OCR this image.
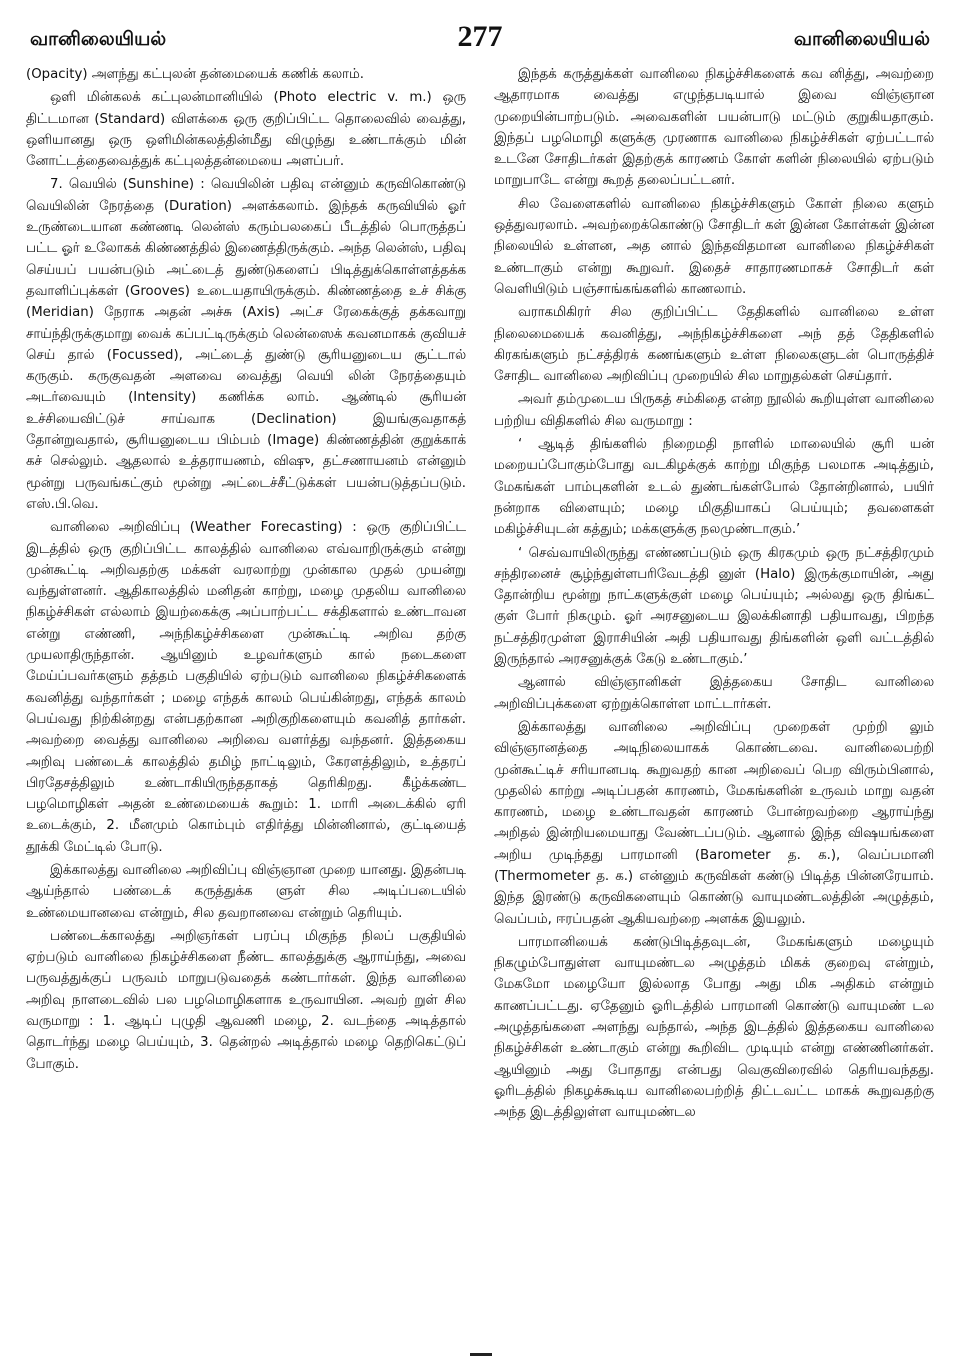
வானிலையியல்	277	வானிலையியல்

(Opacity) அளந்து கட்புலன் தன்மையைக் கணிக் கலாம்.

ஒளி மின்கலக் கட்புலன்மானியில் (Photo electric v. m.) ஒரு திட்டமான (Standard) விளக்கை ஒரு குறிப்பிட்ட தொலைவில் வைத்து, ஒளியானது ஒரு ஒளிமின்கலத்தின்மீது விழுந்து உண்டாக்கும் மின் னோட்டத்தைவைத்துக் கட்புலத்தன்மையை அளப்பர்.

7. வெயில் (Sunshine) : வெயிலின் பதிவு என்னும் கருவிகொண்டு வெயிலின் நேரத்தை (Duration) அளக்கலாம். இந்தக் கருவியில் ஓர் உருண்டையான கண்ணடி லென்ஸ் கரும்பலகைப் பீடத்தில் பொருத்தப் பட்ட ஓர் உலோகக் கிண்ணத்தில் இணைத்திருக்கும். அந்த லென்ஸ், பதிவு செய்யப் பயன்படும் அட்டைத் துண்டுகளைப் பிடித்துக்கொள்ளத்தக்க தவாளிப்புக்கள் (Grooves) உடையதாயிருக்கும். கிண்ணத்தை உச் சிக்கு (Meridian) நேராக அதன் அச்சு (Axis) அட்ச ரேகைக்குத் தக்கவாறு சாய்ந்திருக்குமாறு வைக் கப்பட்டிருக்கும் லென்ஸைக் கவனமாகக் குவியச் செய் தால் (Focussed), அட்டைத் துண்டு சூரியனுடைய சூட்டால் கருகும். கருகுவதன் அளவை வைத்து வெயி லின் நேரத்தையும் அடர்வையும் (Intensity) கணிக்க லாம். ஆண்டில் சூரியன் உச்சியைவிட்டுச் சாய்வாக (Declination) இயங்குவதாகத் தோன்றுவதால், சூரியனுடைய பிம்பம் (Image) கிண்ணத்தின் குறுக்காக் கச் செல்லும். ஆதலால் உத்தராயணம், விஷு, தட்சணாயனம் என்னும் மூன்று பருவங்கட்கும் மூன்று அட்டைச்சீட்டுக்கள் பயன்படுத்தப்படும். எஸ்.பி.வெ.

வானிலை அறிவிப்பு (Weather Forecasting) : ஒரு குறிப்பிட்ட இடத்தில் ஒரு குறிப்பிட்ட காலத்தில் வானிலை எவ்வாறிருக்கும் என்று முன்கூட்டி அறிவதற்கு மக்கள் வரலாற்று முன்கால முதல் முயன்று வந்துள்ளனர். ஆதிகாலத்தில் மனிதன் காற்று, மழை முதலிய வானிலை நிகழ்ச்சிகள் எல்லாம் இயற்கைக்கு அப்பாற்பட்ட சக்திகளால் உண்டாவன என்று எண்ணி, அந்நிகழ்ச்சிகளை முன்கூட்டி அறிவ தற்கு முயலாதிருந்தான். ஆயினும் உழவர்களும் கால் நடைகளை மேய்ப்பவர்களும் தத்தம் பகுதியில் ஏற்படும் வானிலை நிகழ்ச்சிகளைக் கவனித்து வந்தார்கள் ; மழை எந்தக் காலம் பெய்கின்றது, எந்தக் காலம் பெய்வது நிற்கின்றது என்பதற்கான அறிகுறிகளையும் கவனித் தார்கள். அவற்றை வைத்து வானிலை அறிவை வளர்த்து வந்தனர். இத்தகைய அறிவு பண்டைக் காலத்தில் தமிழ் நாட்டிலும், கேரளத்திலும், உத்தரப் பிரதேசத்திலும் உண்டாகியிருந்ததாகத் தெரிகிறது. கீழ்க்கண்ட பழமொழிகள் அதன் உண்மையைக் கூறும்: 1. மாரி அடைக்கில் ஏரி உடைக்கும், 2. மீனமும் கொம்பும் எதிர்த்து மின்னினால், குட்டியைத் தூக்கி மேட்டில் போடு.

இக்காலத்து வானிலை அறிவிப்பு விஞ்ஞான முறை யானது. இதன்படி ஆய்ந்தால் பண்டைக் கருத்துக்க ளுள் சில அடிப்படையில் உண்மையானவை என்றும், சில தவறானவை என்றும் தெரியும்.

பண்டைக்காலத்து அறிஞர்கள் பரப்பு மிகுந்த நிலப் பகுதியில் ஏற்படும் வானிலை நிகழ்ச்சிகளை நீண்ட காலத்துக்கு ஆராய்ந்து, அவை பருவத்துக்குப் பருவம் மாறுபடுவதைக் கண்டார்கள். இந்த வானிலை அறிவு நாளடைவில் பல பழமொழிகளாக உருவாயின. அவற் றுள் சில வருமாறு : 1. ஆடிப் புழுதி ஆவணி மழை, 2. வடந்தை அடித்தால் தொடர்ந்து மழை பெய்யும், 3. தென்றல் அடித்தால் மழை தெறிகெட்டுப் போகும்.

இந்தக் கருத்துக்கள் வானிலை நிகழ்ச்சிகளைக் கவ னித்து, அவற்றை ஆதாரமாக வைத்து எழுந்தபடியால் இவை விஞ்ஞான முறையின்பாற்படும். அவைகளின் பயன்பாடு மட்டும் குறுகியதாகும். இந்தப் பழமொழி களுக்கு முரணாக வானிலை நிகழ்ச்சிகள் ஏற்பட்டால் உடனே சோதிடர்கள் இதற்குக் காரணம் கோள் களின் நிலையில் ஏற்படும் மாறுபாடே என்று கூறத் தலைப்பட்டனர்.

சில வேளைகளில் வானிலை நிகழ்ச்சிகளும் கோள் நிலை களும் ஒத்துவரலாம். அவற்றைக்கொண்டு சோதிடர் கள் இன்ன கோள்கள் இன்ன நிலையில் உள்ளன, அத னால் இந்தவிதமான வானிலை நிகழ்ச்சிகள் உண்டாகும் என்று கூறுவர். இதைச் சாதாரணமாகச் சோதிடர் கள் வெளியிடும் பஞ்சாங்கங்களில் காணலாம்.

வராகமிகிரர் சில குறிப்பிட்ட தேதிகளில் வானிலை உள்ள நிலைமையைக் கவனித்து, அந்நிகழ்ச்சிகளை அந் தத் தேதிகளில் கிரகங்களும் நட்சத்திரக் கணங்களும் உள்ள நிலைகளுடன் பொருத்திச் சோதிட வானிலை அறிவிப்பு முறையில் சில மாறுதல்கள் செய்தார்.

அவர் தம்முடைய பிருகத் சம்கிதை என்ற நூலில் கூறியுள்ள வானிலை பற்றிய விதிகளில் சில வருமாறு :

‘ ஆடித் திங்களில் நிறைமதி நாளில் மாலையில் சூரி யன் மறையப்போகும்போது வடகிழக்குக் காற்று மிகுந்த பலமாக அடித்தும், மேகங்கள் பாம்புகளின் உடல் துண்டங்கள்போல் தோன்றினால், பயிர் நன்றாக விளையும்; மழை மிகுதியாகப் பெய்யும்; தவளைகள் மகிழ்ச்சியுடன் கத்தும்; மக்களுக்கு நலமுண்டாகும்.’

‘ செவ்வாயிலிருந்து எண்ணப்படும் ஒரு கிரகமும் ஒரு நட்சத்திரமும் சந்திரனைச் சூழ்ந்துள்ளபரிவேடத்தி னுள் (Halo) இருக்குமாயின், அது தோன்றிய மூன்று நாட்களுக்குள் மழை பெய்யும்; அல்லது ஒரு திங்கட் குள் போர் நிகழும். ஓர் அரசனுடைய இலக்கினாதி பதியாவது, பிறந்த நட்சத்திரமுள்ள இராசியின் அதி பதியாவது திங்களின் ஒளி வட்டத்தில் இருந்தால் அரசனுக்குக் கேடு உண்டாகும்.’

ஆனால் விஞ்ஞானிகள் இத்தகைய சோதிட வானிலை அறிவிப்புக்களை ஏற்றுக்கொள்ள மாட்டார்கள்.

இக்காலத்து வானிலை அறிவிப்பு முறைகள் முற்றி லும் விஞ்ஞானத்தை அடிநிலையாகக் கொண்டவை. வானிலைபற்றி முன்கூட்டிச் சரியானபடி கூறுவதற் கான அறிவைப் பெற விரும்பினால், முதலில் காற்று அடிப்பதன் காரணம், மேகங்களின் உருவம் மாறு வதன் காரணம், மழை உண்டாவதன் காரணம் போன்றவற்றை ஆராய்ந்து அறிதல் இன்றியமையாது வேண்டப்படும். ஆனால் இந்த விஷயங்களை அறிய முடிந்தது பாரமானி (Barometer த. க.), வெப்பமானி (Thermometer த. க.) என்னும் கருவிகள் கண்டு பிடித்த பின்னரேயாம். இந்த இரண்டு கருவிகளையும் கொண்டு வாயுமண்டலத்தின் அழுத்தம், வெப்பம், ஈரப்பதன் ஆகியவற்றை அளக்க இயலும்.

பாரமானியைக் கண்டுபிடித்தவுடன், மேகங்களும் மழையும் நிகழும்போதுள்ள வாயுமண்டல அழுத்தம் மிகக் குறைவு என்றும், மேகமோ மழையோ இல்லாத போது அது மிக அதிகம் என்றும் காணப்பட்டது. ஏதேனும் ஓரிடத்தில் பாரமானி கொண்டு வாயுமண் டல அழுத்தங்களை அளந்து வந்தால், அந்த இடத்தில் இத்தகைய வானிலை நிகழ்ச்சிகள் உண்டாகும் என்று கூறிவிட முடியும் என்று எண்ணினர்கள். ஆயினும் அது போதாது என்பது வெகுவிரைவில் தெரியவந்தது. ஓரிடத்தில் நிகழக்கூடிய வானிலைபற்றித் திட்டவட்ட மாகக் கூறுவதற்கு அந்த இடத்திலுள்ள வாயுமண்டல
